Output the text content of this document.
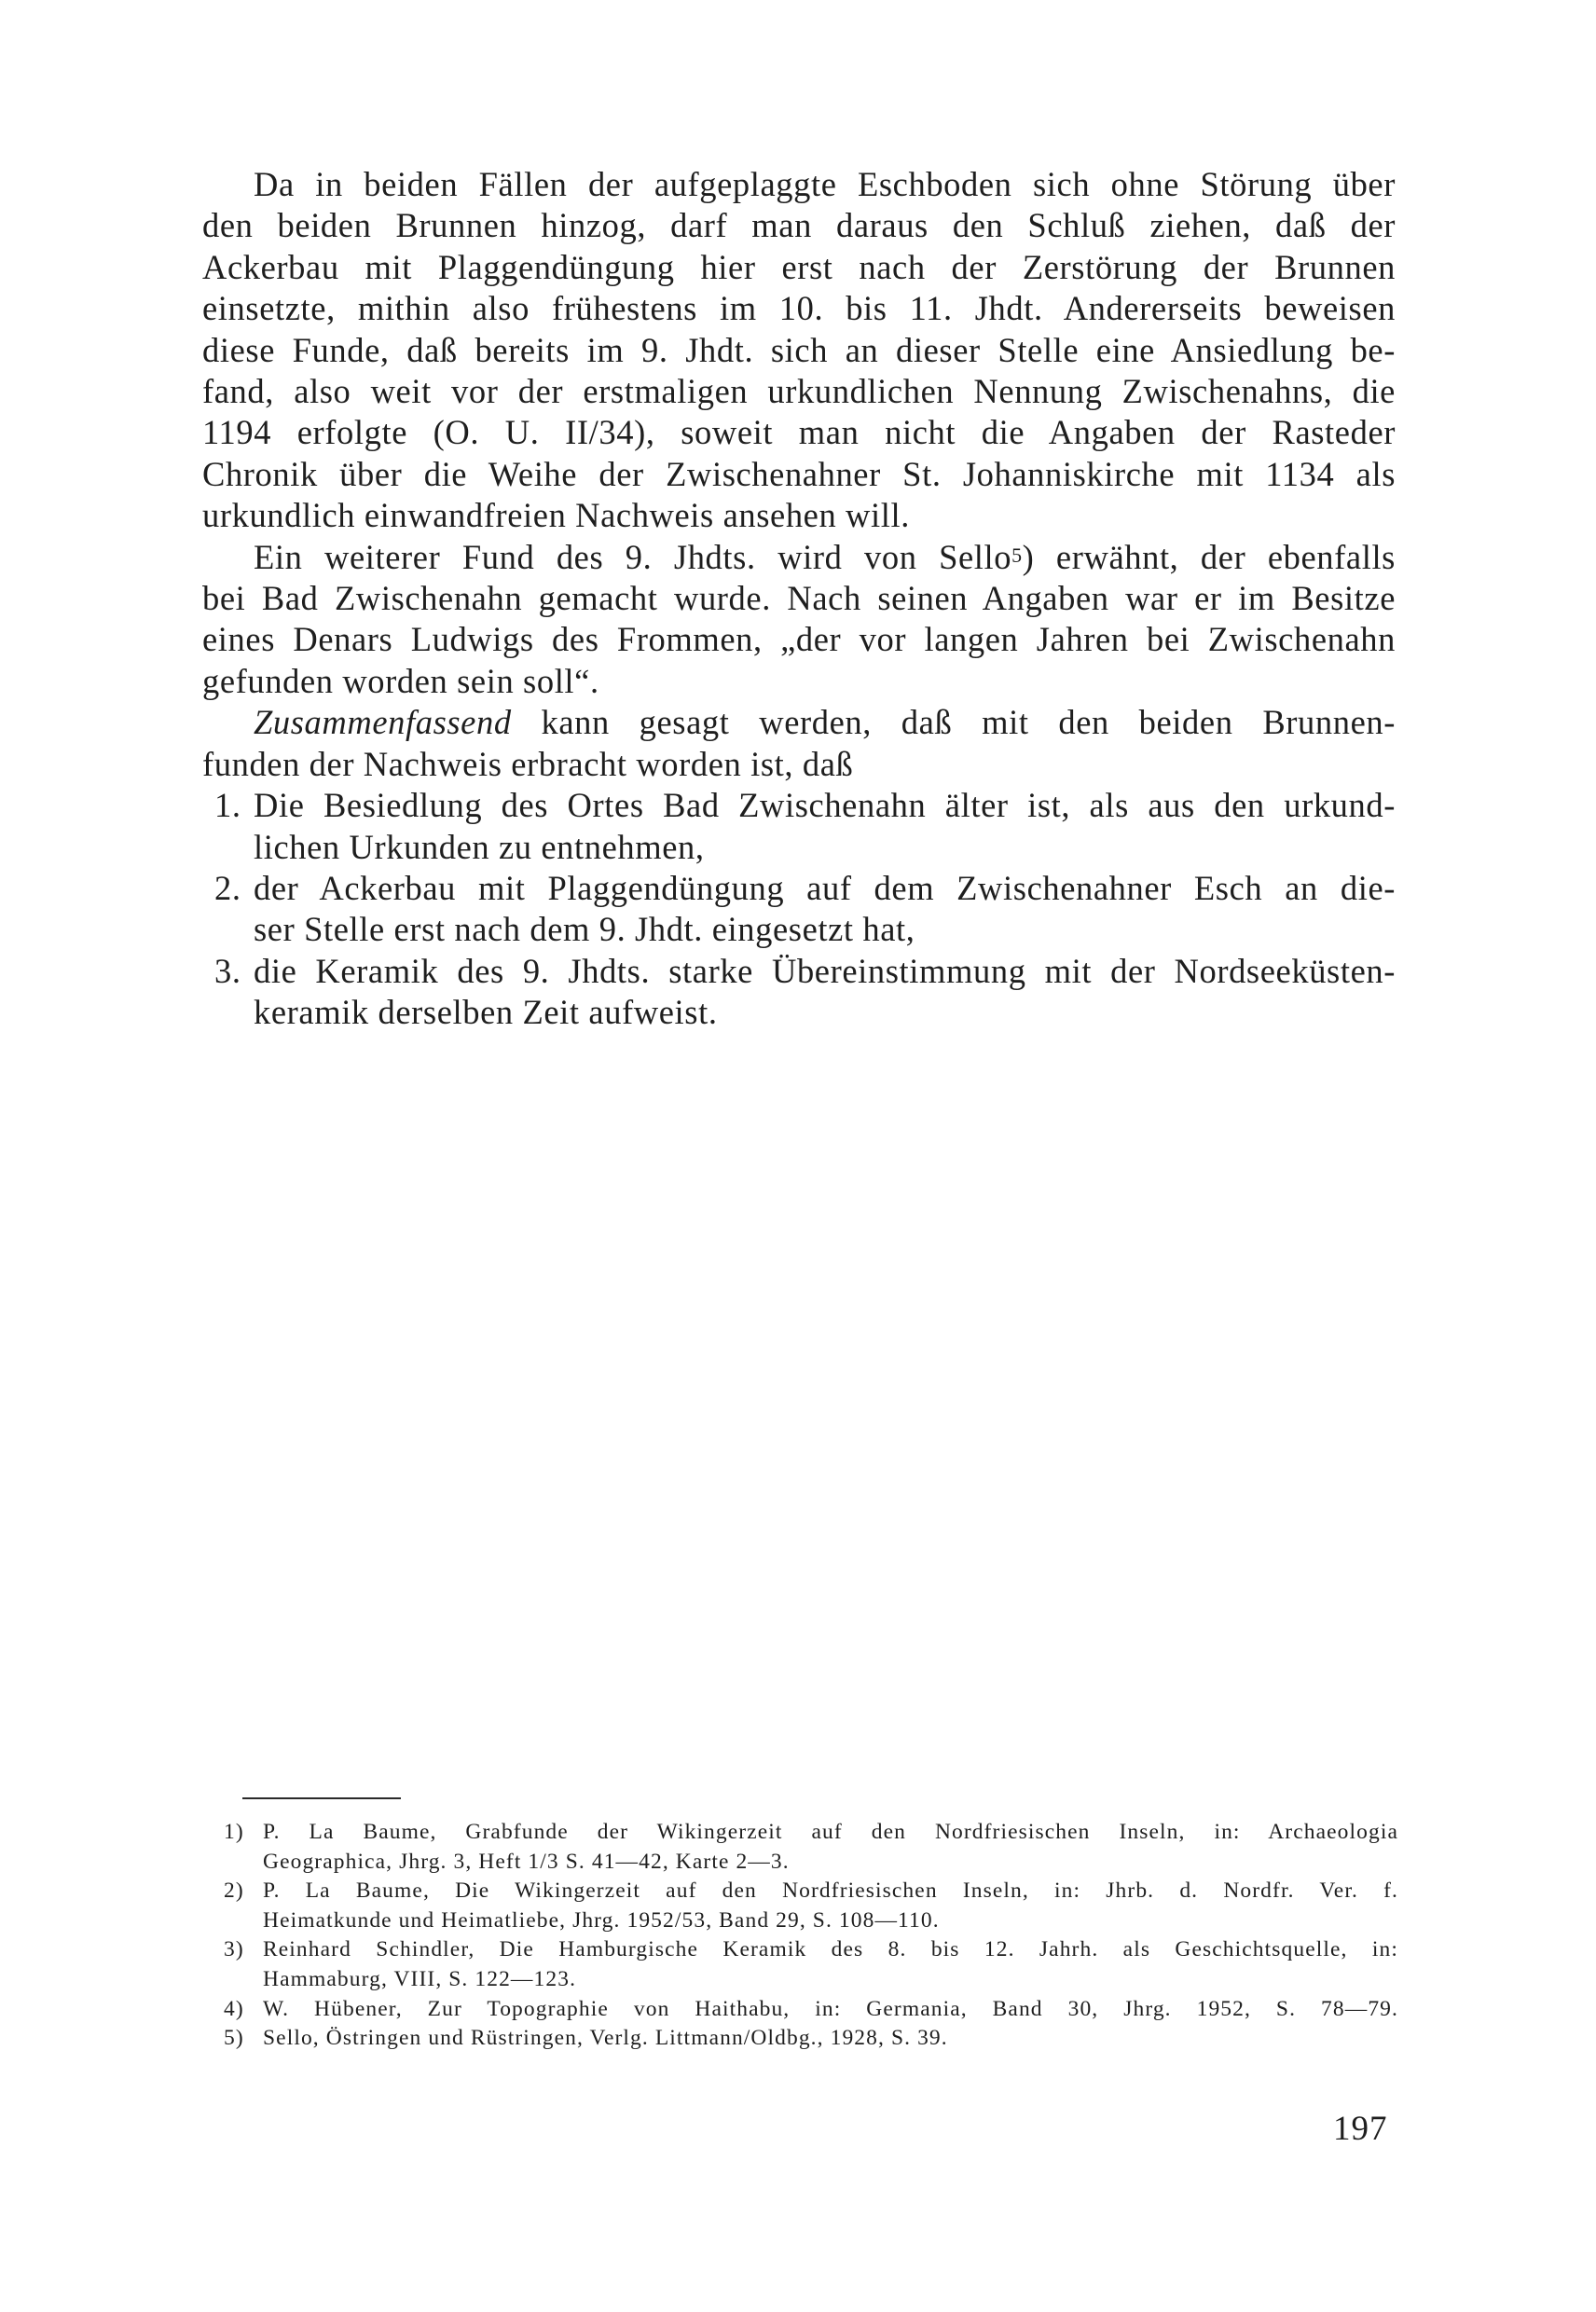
Da in beiden Fällen der aufgeplaggte Eschboden sich ohne Störung über
den beiden Brunnen hinzog, darf man daraus den Schluß ziehen, daß der
Ackerbau mit Plaggendüngung hier erst nach der Zerstörung der Brunnen
einsetzte, mithin also frühestens im 10. bis 11. Jhdt. Andererseits beweisen
diese Funde, daß bereits im 9. Jhdt. sich an dieser Stelle eine Ansiedlung be-
fand, also weit vor der erstmaligen urkundlichen Nennung Zwischenahns, die
1194 erfolgte (O. U. II/34), soweit man nicht die Angaben der Rasteder
Chronik über die Weihe der Zwischenahner St. Johanniskirche mit 1134 als
urkundlich einwandfreien Nachweis ansehen will.
Ein weiterer Fund des 9. Jhdts. wird von Sello$^5$) erwähnt, der ebenfalls
bei Bad Zwischenahn gemacht wurde. Nach seinen Angaben war er im Besitze
eines Denars Ludwigs des Frommen, „der vor langen Jahren bei Zwischenahn
gefunden worden sein soll“.
Zusammenfassend kann gesagt werden, daß mit den beiden Brunnen-
funden der Nachweis erbracht worden ist, daß
1. Die Besiedlung des Ortes Bad Zwischenahn älter ist, als aus den urkund-
lichen Urkunden zu entnehmen,
2. der Ackerbau mit Plaggendüngung auf dem Zwischenahner Esch an die-
ser Stelle erst nach dem 9. Jhdt. eingesetzt hat,
3. die Keramik des 9. Jhdts. starke Übereinstimmung mit der Nordseeküsten-
keramik derselben Zeit aufweist.
1) P. La Baume, Grabfunde der Wikingerzeit auf den Nordfriesischen Inseln, in: Archaeologia
Geographica, Jhrg. 3, Heft 1/3 S. 41—42, Karte 2—3.
2) P. La Baume, Die Wikingerzeit auf den Nordfriesischen Inseln, in: Jhrb. d. Nordfr. Ver. f.
Heimatkunde und Heimatliebe, Jhrg. 1952/53, Band 29, S. 108—110.
3) Reinhard Schindler, Die Hamburgische Keramik des 8. bis 12. Jahrh. als Geschichtsquelle, in:
Hammaburg, VIII, S. 122—123.
4) W. Hübener, Zur Topographie von Haithabu, in: Germania, Band 30, Jhrg. 1952, S. 78—79.
5) Sello, Östringen und Rüstringen, Verlg. Littmann/Oldbg., 1928, S. 39.
197
